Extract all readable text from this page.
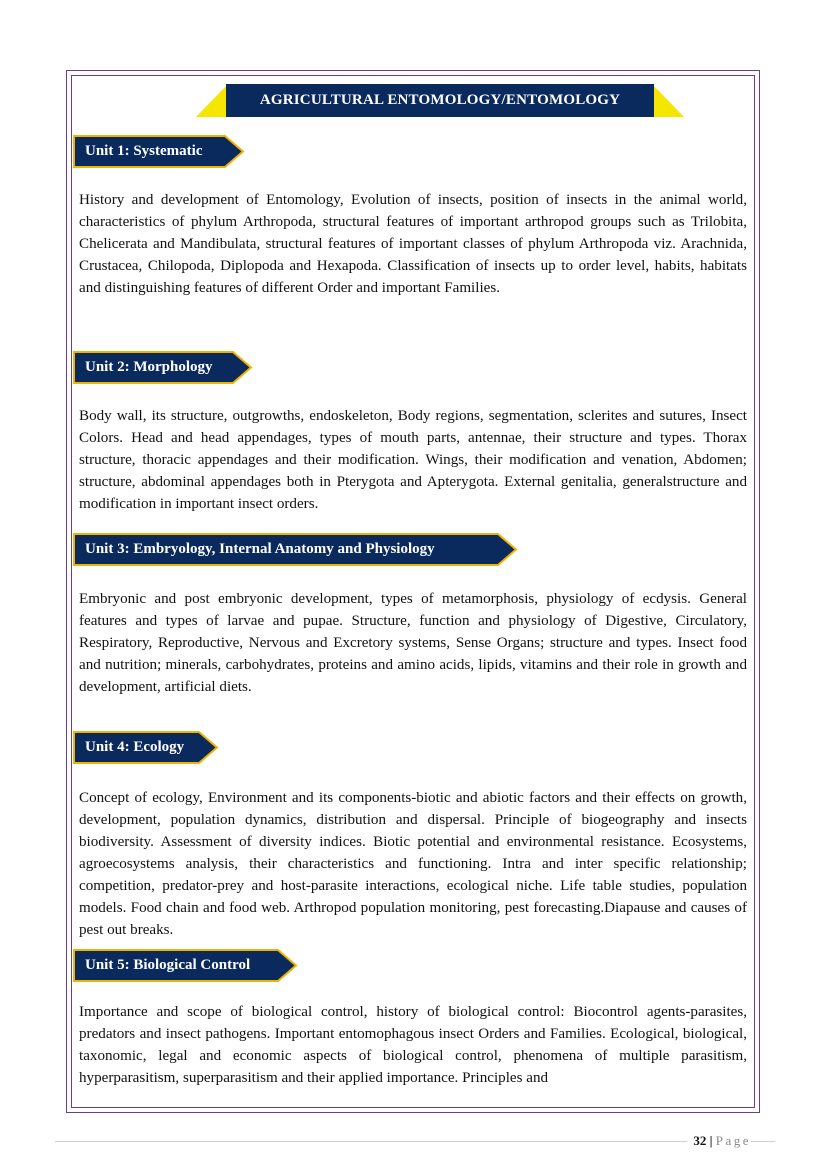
AGRICULTURAL ENTOMOLOGY/ENTOMOLOGY
Unit 1: Systematic

History and development of Entomology, Evolution of insects, position of insects in the animal world, characteristics of phylum Arthropoda, structural features of important arthropod groups such as Trilobita, Chelicerata and Mandibulata, structural features of important classes of phylum Arthropoda viz. Arachnida, Crustacea, Chilopoda, Diplopoda and Hexapoda. Classification of insects up to order level, habits, habitats and distinguishing features of different Order and important Families.

Unit 2: Morphology

Body wall, its structure, outgrowths, endoskeleton, Body regions, segmentation, sclerites and sutures, Insect Colors. Head and head appendages, types of mouth parts, antennae, their structure and types. Thorax structure, thoracic appendages and their modification. Wings, their modification and venation, Abdomen; structure, abdominal appendages both in Pterygota and Apterygota. External genitalia, generalstructure and modification in important insect orders.

Unit 3: Embryology, Internal Anatomy and Physiology

Embryonic and post embryonic development, types of metamorphosis, physiology of ecdysis. General features and types of larvae and pupae. Structure, function and physiology of Digestive, Circulatory, Respiratory, Reproductive, Nervous and Excretory systems, Sense Organs; structure and types. Insect food and nutrition; minerals, carbohydrates, proteins and amino acids, lipids, vitamins and their role in growth and development, artificial diets.

Unit 4: Ecology

Concept of ecology, Environment and its components-biotic and abiotic factors and their effects on growth, development, population dynamics, distribution and dispersal. Principle of biogeography and insects biodiversity. Assessment of diversity indices. Biotic potential and environmental resistance. Ecosystems, agroecosystems analysis, their characteristics and functioning. Intra and inter specific relationship; competition, predator-prey and host-parasite interactions, ecological niche. Life table studies, population models. Food chain and food web. Arthropod population monitoring, pest forecasting.Diapause and causes of pest out breaks.

Unit 5: Biological Control

Importance and scope of biological control, history of biological control: Biocontrol agents-parasites, predators and insect pathogens. Important entomophagous insect Orders and Families. Ecological, biological, taxonomic, legal and economic aspects of biological control, phenomena of multiple parasitism, hyperparasitism, superparasitism and their applied importance. Principles and

32 | Page
